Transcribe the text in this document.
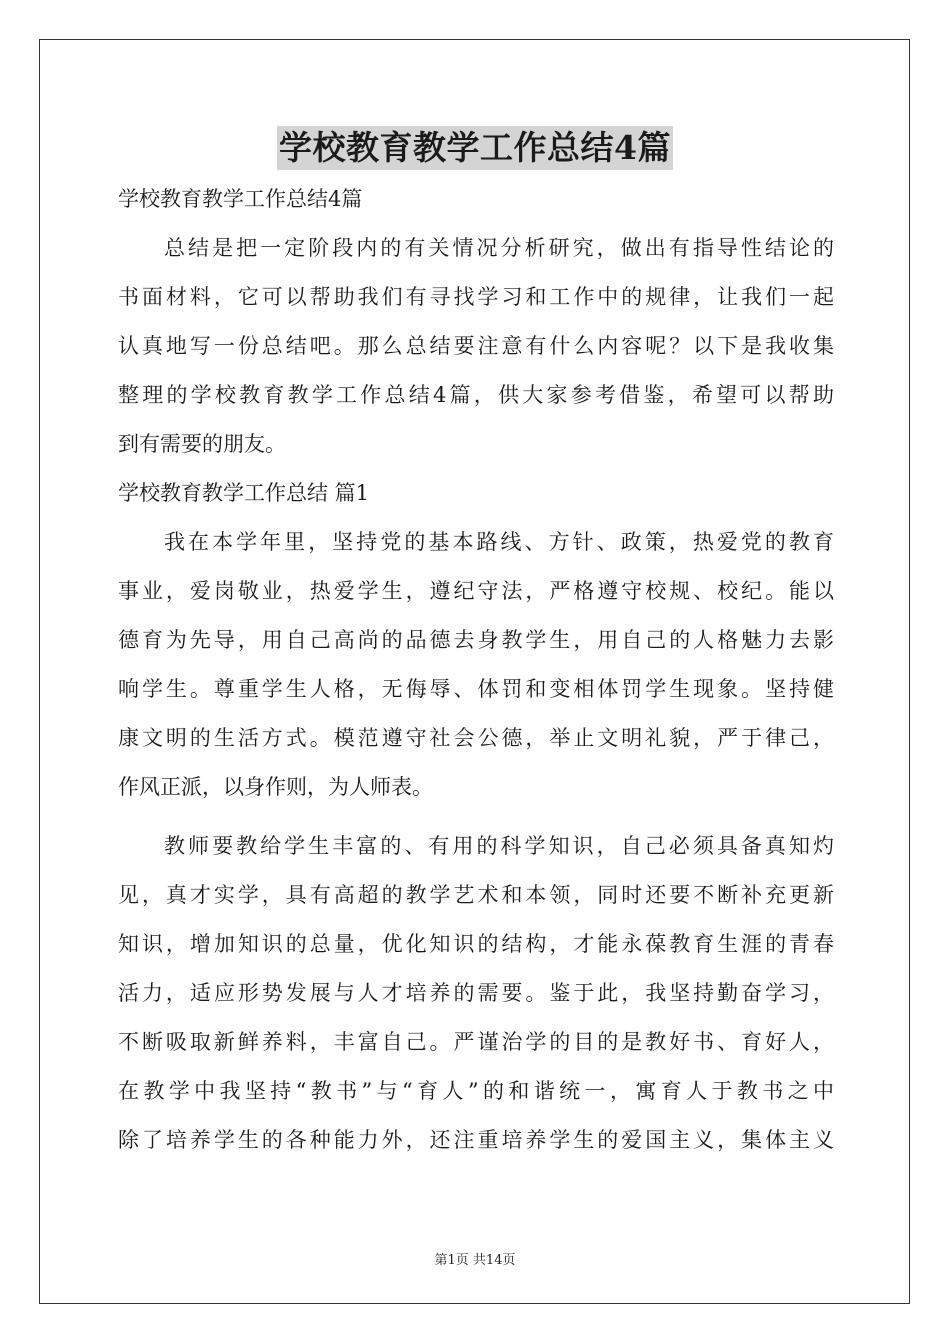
学校教育教学工作总结4篇
学校教育教学工作总结4篇
总结是把一定阶段内的有关情况分析研究，做出有指导性结论的
书面材料，它可以帮助我们有寻找学习和工作中的规律，让我们一起
认真地写一份总结吧。那么总结要注意有什么内容呢？以下是我收集
整理的学校教育教学工作总结4篇，供大家参考借鉴，希望可以帮助
到有需要的朋友。
学校教育教学工作总结 篇1
我在本学年里，坚持党的基本路线、方针、政策，热爱党的教育
事业，爱岗敬业，热爱学生，遵纪守法，严格遵守校规、校纪。能以
德育为先导，用自己高尚的品德去身教学生，用自己的人格魅力去影
响学生。尊重学生人格，无侮辱、体罚和变相体罚学生现象。坚持健
康文明的生活方式。模范遵守社会公德，举止文明礼貌，严于律己，
作风正派，以身作则，为人师表。
教师要教给学生丰富的、有用的科学知识，自己必须具备真知灼
见，真才实学，具有高超的教学艺术和本领，同时还要不断补充更新
知识，增加知识的总量，优化知识的结构，才能永葆教育生涯的青春
活力，适应形势发展与人才培养的需要。鉴于此，我坚持勤奋学习，
不断吸取新鲜养料，丰富自己。严谨治学的目的是教好书、育好人，
在教学中我坚持“教书”与“育人”的和谐统一，寓育人于教书之中
除了培养学生的各种能力外，还注重培养学生的爱国主义，集体主义
第1页 共14页
